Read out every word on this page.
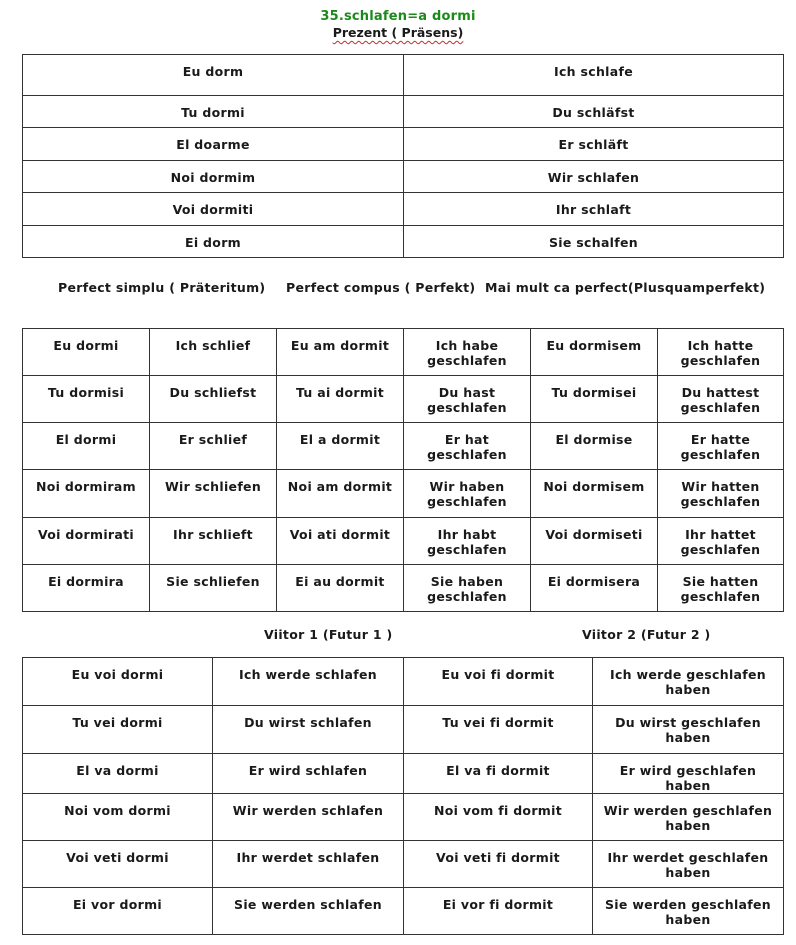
35.schlafen=a dormi
Prezent ( Präsens)
Eu dorm	Ich schlafe
Tu dormi	Du schläfst
El doarme	Er schläft
Noi dormim	Wir schlafen
Voi dormiti	Ihr schlaft
Ei dorm	Sie schalfen
Perfect simplu ( Präteritum) Perfect compus ( Perfekt) Mai mult ca perfect(Plusquamperfekt)
Eu dormi	Ich schlief	Eu am dormit	Ich habe geschlafen	Eu dormisem	Ich hatte geschlafen
Tu dormisi	Du schliefst	Tu ai dormit	Du hast geschlafen	Tu dormisei	Du hattest geschlafen
El dormi	Er schlief	El a dormit	Er hat geschlafen	El dormise	Er hatte geschlafen
Noi dormiram	Wir schliefen	Noi am dormit	Wir haben geschlafen	Noi dormisem	Wir hatten geschlafen
Voi dormirati	Ihr schlieft	Voi ati dormit	Ihr habt geschlafen	Voi dormiseti	Ihr hattet geschlafen
Ei dormira	Sie schliefen	Ei au dormit	Sie haben geschlafen	Ei dormisera	Sie hatten geschlafen
Viitor 1 (Futur 1 )	Viitor 2 (Futur 2 )
Eu voi dormi	Ich werde schlafen	Eu voi fi dormit	Ich werde geschlafen haben
Tu vei dormi	Du wirst schlafen	Tu vei fi dormit	Du wirst geschlafen haben
El va dormi	Er wird schlafen	El va fi dormit	Er wird geschlafen haben
Noi vom dormi	Wir werden schlafen	Noi vom fi dormit	Wir werden geschlafen haben
Voi veti dormi	Ihr werdet schlafen	Voi veti fi dormit	Ihr werdet geschlafen haben
Ei vor dormi	Sie werden schlafen	Ei vor fi dormit	Sie werden geschlafen haben
